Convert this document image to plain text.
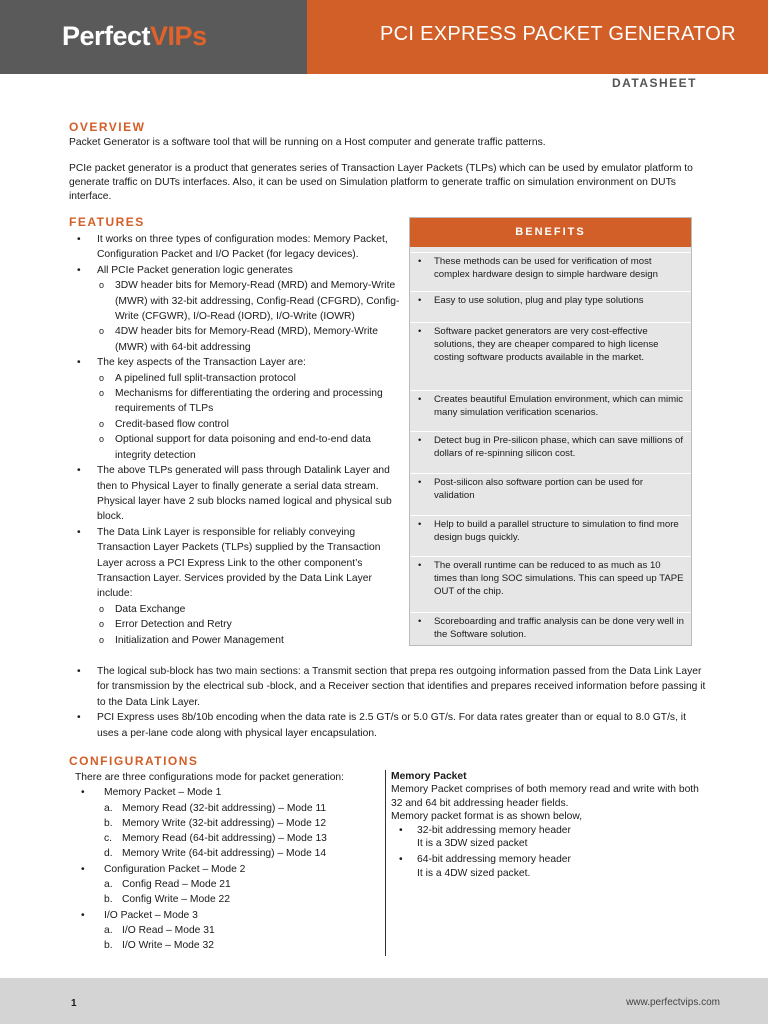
PerfectVIPs	PCI EXPRESS PACKET GENERATOR
DATASHEET
OVERVIEW
Packet Generator is a software tool that will be running on a Host computer and generate traffic patterns.
PCIe packet generator is a product that generates series of Transaction Layer Packets (TLPs) which can be used by emulator platform to generate traffic on DUTs interfaces. Also, it can be used on Simulation platform to generate traffic on simulation environment on DUTs interface.
FEATURES
• It works on three types of configuration modes: Memory Packet, Configuration Packet and I/O Packet (for legacy devices).
• All PCIe Packet generation logic generates
o 3DW header bits for Memory-Read (MRD) and Memory-Write (MWR) with 32-bit addressing, Config-Read (CFGRD), Config-Write (CFGWR), I/O-Read (IORD), I/O-Write (IOWR)
o 4DW header bits for Memory-Read (MRD), Memory-Write (MWR) with 64-bit addressing
• The key aspects of the Transaction Layer are:
o A pipelined full split-transaction protocol
o Mechanisms for differentiating the ordering and processing requirements of TLPs
o Credit-based flow control
o Optional support for data poisoning and end-to-end data integrity detection
• The above TLPs generated will pass through Datalink Layer and then to Physical Layer to finally generate a serial data stream. Physical layer have 2 sub blocks named logical and physical sub block.
• The Data Link Layer is responsible for reliably conveying Transaction Layer Packets (TLPs) supplied by the Transaction Layer across a PCI Express Link to the other component’s Transaction Layer. Services provided by the Data Link Layer include:
o Data Exchange
o Error Detection and Retry
o Initialization and Power Management
• The logical sub-block has two main sections: a Transmit section that prepa res outgoing information passed from the Data Link Layer for transmission by the electrical sub -block, and a Receiver section that identifies and prepares received information before passing it to the Data Link Layer.
• PCI Express uses 8b/10b encoding when the data rate is 2.5 GT/s or 5.0 GT/s. For data rates greater than or equal to 8.0 GT/s, it uses a per-lane code along with physical layer encapsulation.
BENEFITS
• These methods can be used for verification of most complex hardware design to simple hardware design
• Easy to use solution, plug and play type solutions
• Software packet generators are very cost-effective solutions, they are cheaper compared to high license costing software products available in the market.
• Creates beautiful Emulation environment, which can mimic many simulation verification scenarios.
• Detect bug in Pre-silicon phase, which can save millions of dollars of re-spinning silicon cost.
• Post-silicon also software portion can be used for validation
• Help to build a parallel structure to simulation to find more design bugs quickly.
• The overall runtime can be reduced to as much as 10 times than long SOC simulations. This can speed up TAPE OUT of the chip.
• Scoreboarding and traffic analysis can be done very well in the Software solution.
CONFIGURATIONS
There are three configurations mode for packet generation:
• Memory Packet – Mode 1
a. Memory Read (32-bit addressing) – Mode 11
b. Memory Write (32-bit addressing) – Mode 12
c. Memory Read (64-bit addressing) – Mode 13
d. Memory Write (64-bit addressing) – Mode 14
• Configuration Packet – Mode 2
a. Config Read – Mode 21
b. Config Write – Mode 22
• I/O Packet – Mode 3
a. I/O Read – Mode 31
b. I/O Write – Mode 32
Memory Packet
Memory Packet comprises of both memory read and write with both 32 and 64 bit addressing header fields.
Memory packet format is as shown below,
• 32-bit addressing memory header
It is a 3DW sized packet
• 64-bit addressing memory header
It is a 4DW sized packet.
1	www.perfectvips.com
